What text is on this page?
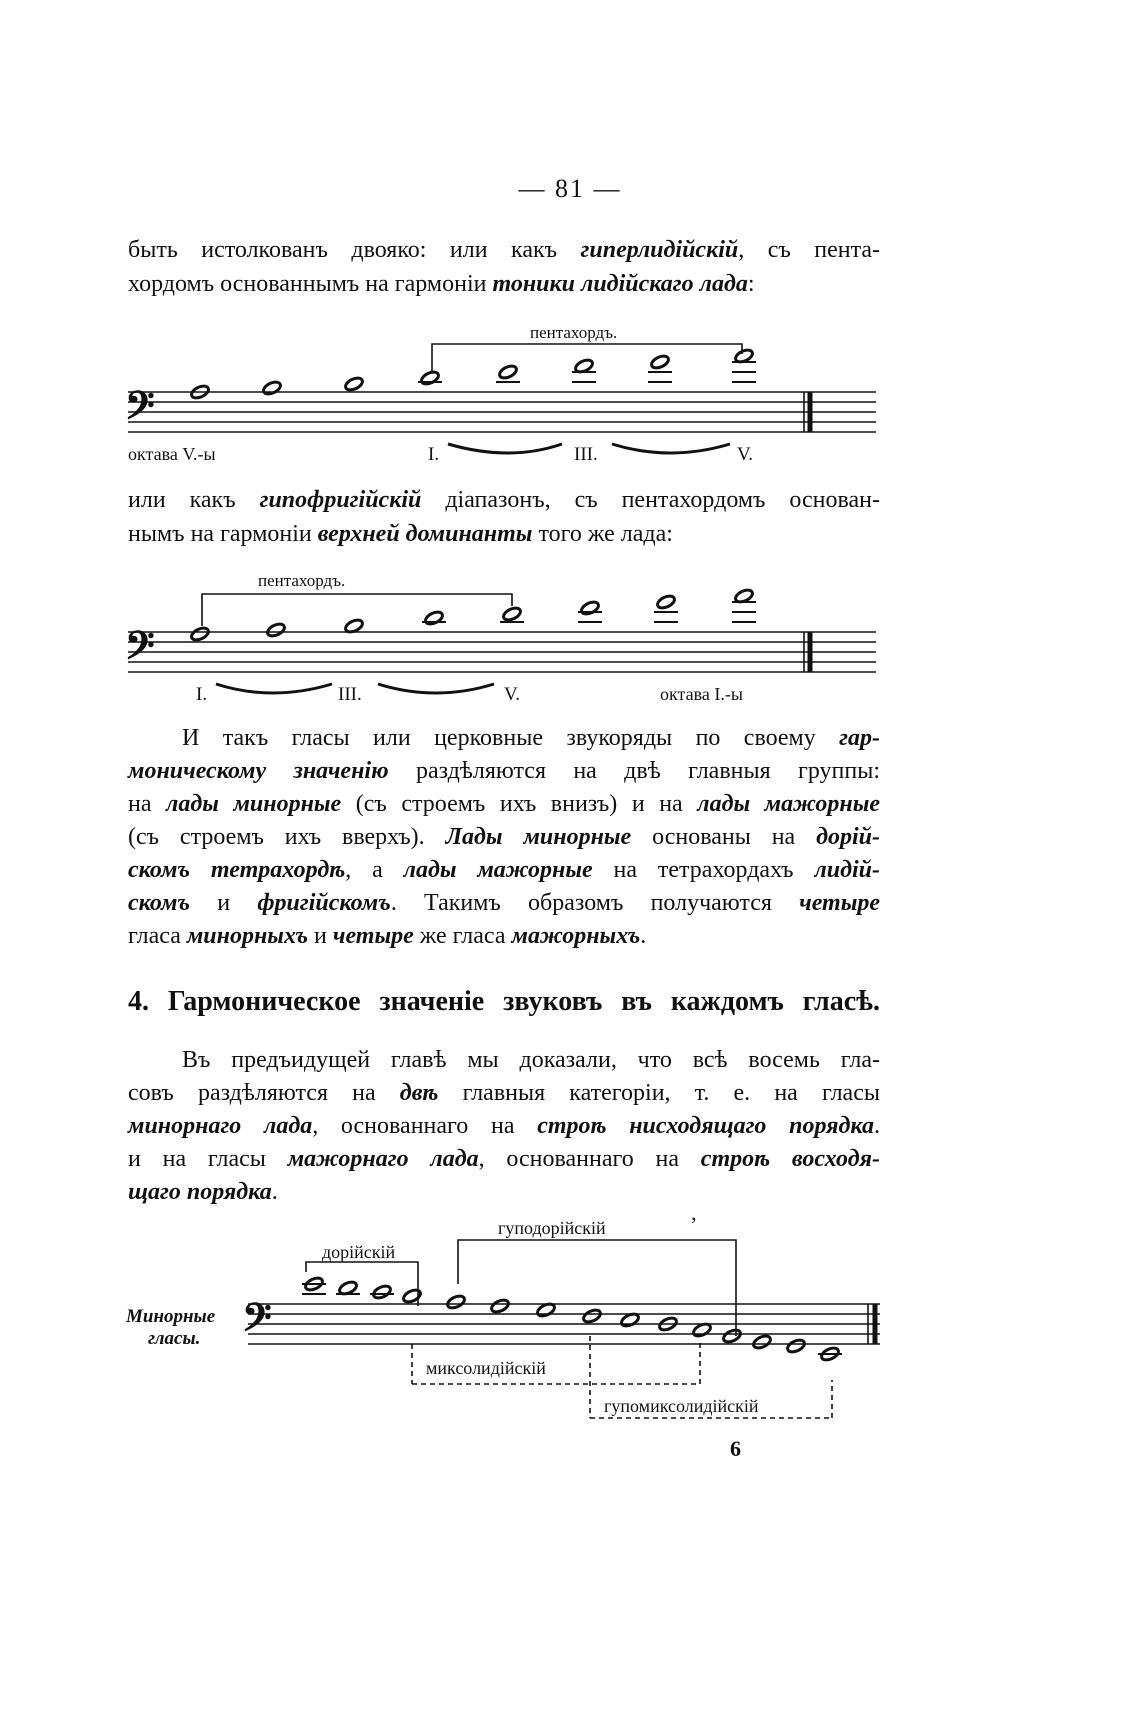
— 81 —
быть истолкованъ двояко: или какъ гиперлидійскій, съ пента-
хордомъ основаннымъ на гармоніи тоники лидійскаго лада:
𝄢
пентахордъ.
октава V.-ы	I.	III.	V.
или какъ гипофригійскій діапазонъ, съ пентахордомъ основан-
нымъ на гармоніи верхней доминанты того же лада:
𝄢
пентахордъ.
I.	III.	V.	октава I.-ы
И такъ гласы или церковные звукоряды по своему гар-
моническому значенію раздѣляются на двѣ главныя группы:
на лады минорные (съ строемъ ихъ внизъ) и на лады мажорные
(съ строемъ ихъ вверхъ). Лады минорные основаны на дорій-
скомъ тетрахордѣ, а лады мажорные на тетрахордахъ лидій-
скомъ и фригійскомъ. Такимъ образомъ получаются четыре
гласа минорныхъ и четыре же гласа мажорныхъ.
4. Гармоническое значеніе звуковъ въ каждомъ гласѣ.
Въ предъидущей главѣ мы доказали, что всѣ восемь гла-
совъ раздѣляются на двѣ главныя категоріи, т. е. на гласы
минорнаго лада, основаннаго на строѣ нисходящаго порядка.
и на гласы мажорнаго лада, основаннаго на строѣ восходя-
щаго порядка.
𝄢
Минорные
гласы.
дорійскій
гуподорійскій	’
миксолидійскій
гупомиксолидійскій
6
